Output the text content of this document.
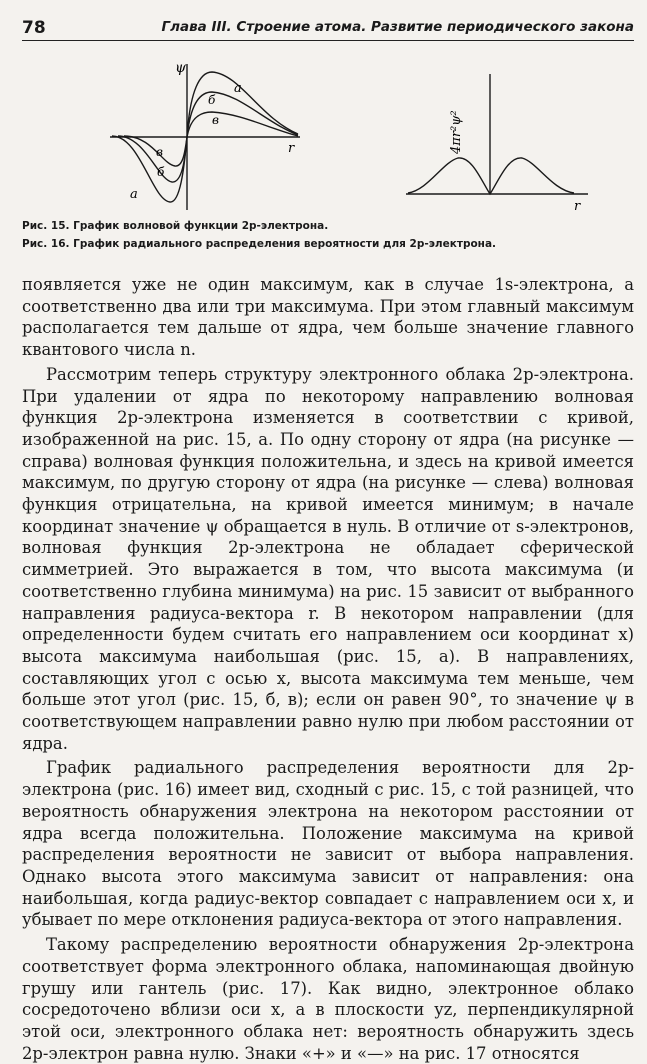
78	Глава III. Строение атома. Развитие периодического закона
ψ
r
а
б
в
в
б
а
4πr²ψ²
r
Рис. 15. График волновой функции 2p-электрона.
Рис. 16. График радиального распределения вероятности для 2p-электрона.

появляется уже не один максимум, как в случае 1s-электрона, а соответственно два или три максимума. При этом главный максимум располагается тем дальше от ядра, чем больше значение главного квантового числа n.

Рассмотрим теперь структуру электронного облака 2p-электрона. При удалении от ядра по некоторому направлению волновая функция 2p-электрона изменяется в соответствии с кривой, изображенной на рис. 15, а. По одну сторону от ядра (на рисунке — справа) волновая функция положительна, и здесь на кривой имеется максимум, по другую сторону от ядра (на рисунке — слева) волновая функция отрицательна, на кривой имеется минимум; в начале координат значение ψ обращается в нуль. В отличие от s-электронов, волновая функция 2p-электрона не обладает сферической симметрией. Это выражается в том, что высота максимума (и соответственно глубина минимума) на рис. 15 зависит от выбранного направления радиуса-вектора r. В некотором направлении (для определенности будем считать его направлением оси координат x) высота максимума наибольшая (рис. 15, а). В направлениях, составляющих угол с осью x, высота максимума тем меньше, чем больше этот угол (рис. 15, б, в); если он равен 90°, то значение ψ в соответствующем направлении равно нулю при любом расстоянии от ядра.

График радиального распределения вероятности для 2p-электрона (рис. 16) имеет вид, сходный с рис. 15, с той разницей, что вероятность обнаружения электрона на некотором расстоянии от ядра всегда положительна. Положение максимума на кривой распределения вероятности не зависит от выбора направления. Однако высота этого максимума зависит от направления: она наибольшая, когда радиус-вектор совпадает с направлением оси x, и убывает по мере отклонения радиуса-вектора от этого направления.

Такому распределению вероятности обнаружения 2p-электрона соответствует форма электронного облака, напоминающая двойную грушу или гантель (рис. 17). Как видно, электронное облако сосредоточено вблизи оси x, а в плоскости yz, перпендикулярной этой оси, электронного облака нет: вероятность обнаружить здесь 2p-электрон равна нулю. Знаки «+» и «—» на рис. 17 относятся
